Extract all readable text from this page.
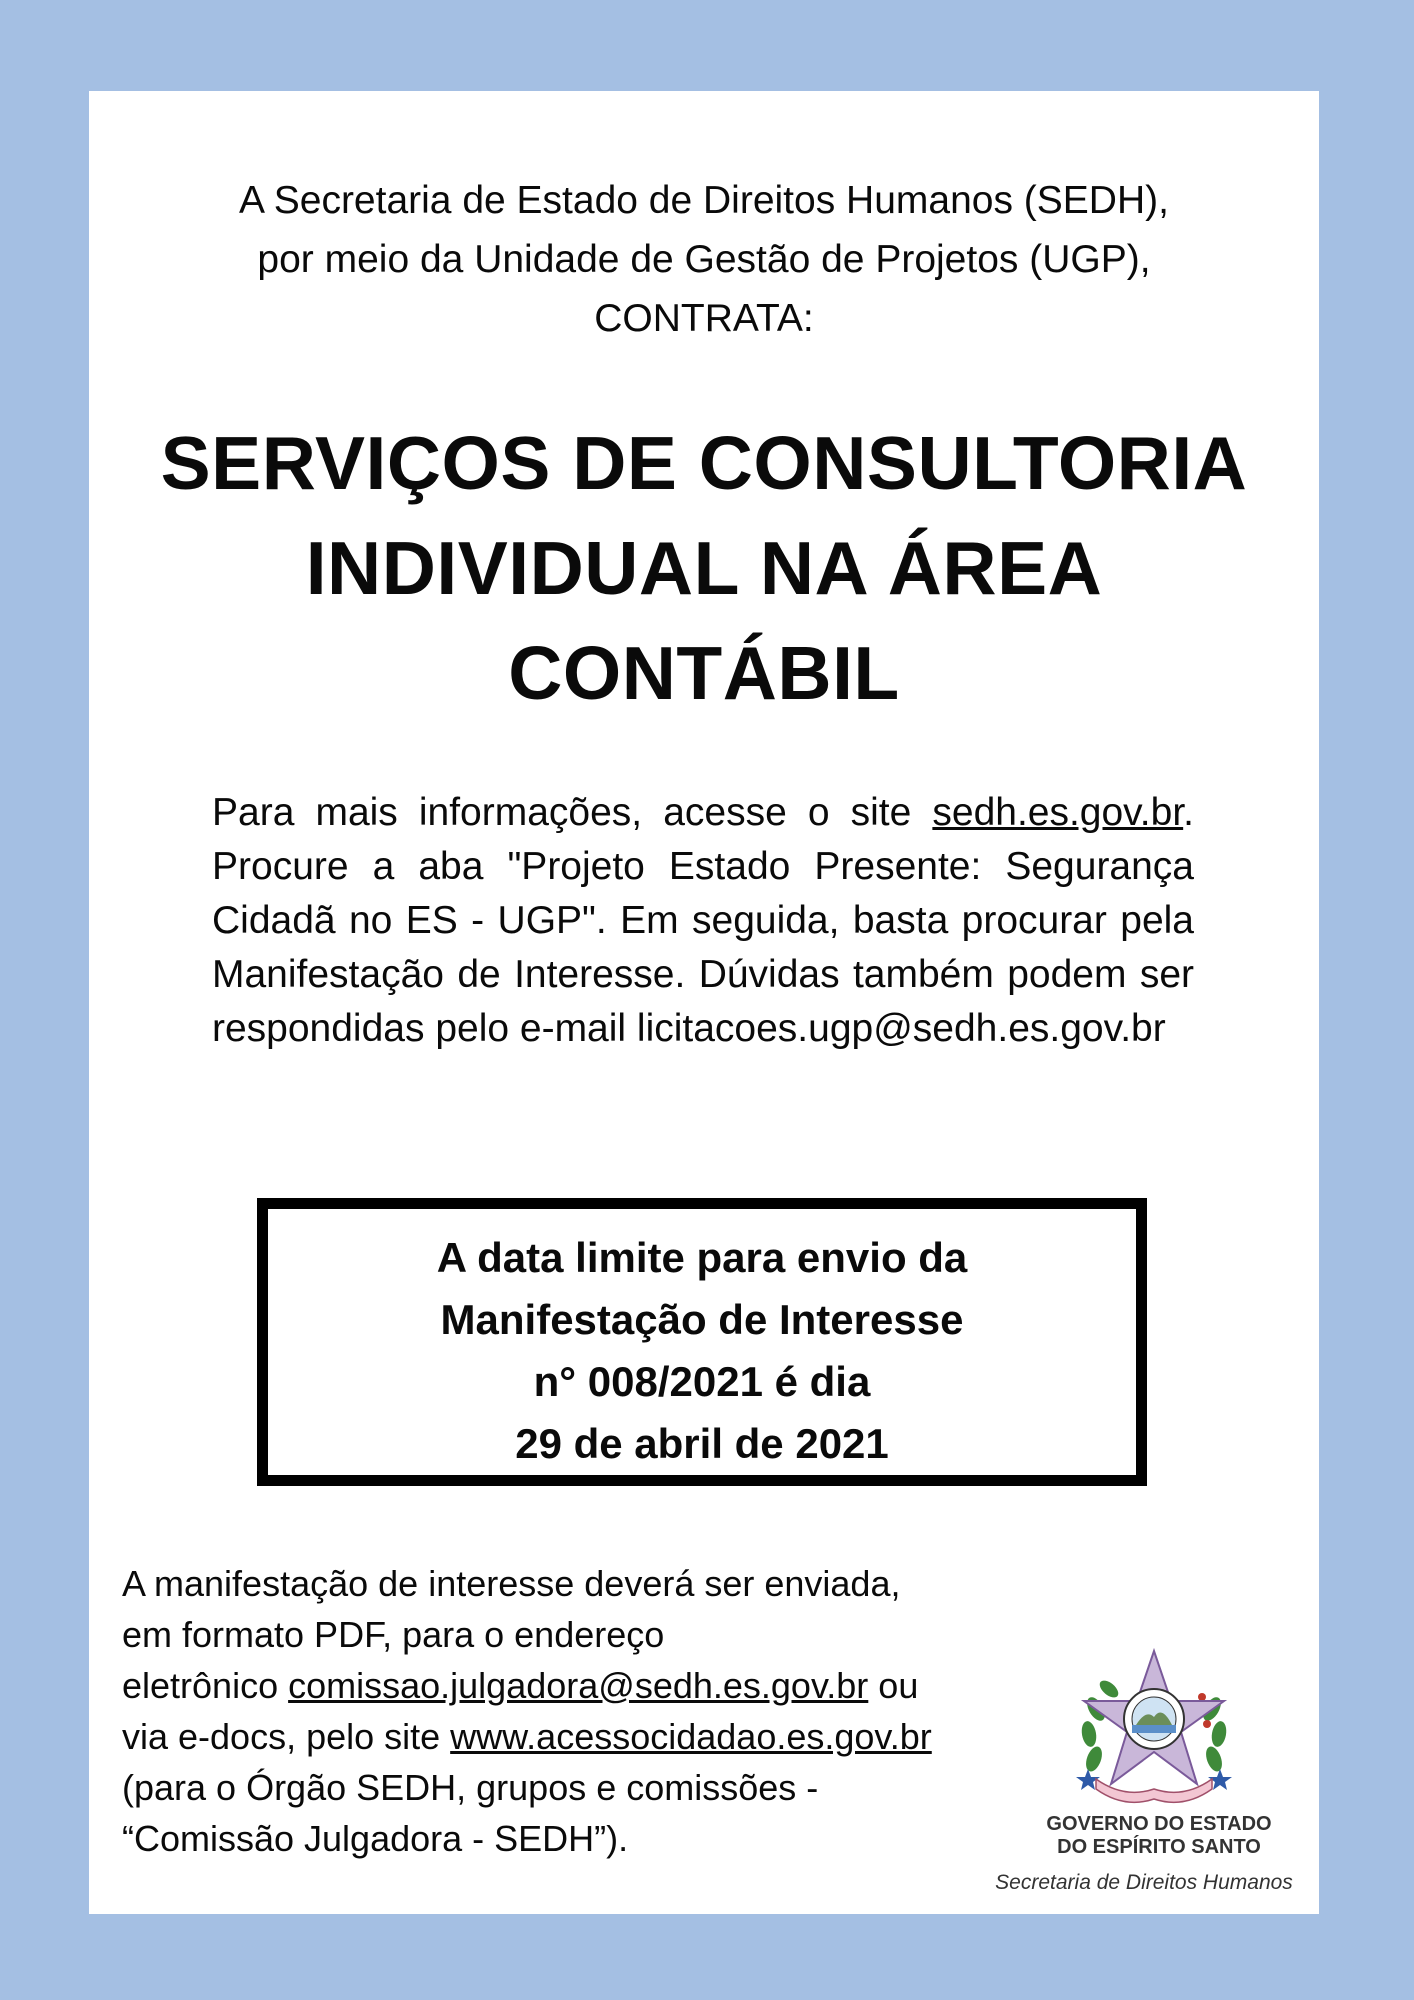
A Secretaria de Estado de Direitos Humanos (SEDH),
por meio da Unidade de Gestão de Projetos (UGP),
CONTRATA:
SERVIÇOS DE CONSULTORIA
INDIVIDUAL NA ÁREA
CONTÁBIL

Para mais informações, acesse o site sedh.es.gov.br. Procure a aba "Projeto Estado Presente: Segurança Cidadã no ES - UGP". Em seguida, basta procurar pela Manifestação de Interesse. Dúvidas também podem ser respondidas pelo e-mail licitacoes.ugp@sedh.es.gov.br

A data limite para envio da
Manifestação de Interesse
n° 008/2021 é dia
29 de abril de 2021
A manifestação de interesse deverá ser enviada,
em formato PDF, para o endereço
eletrônico comissao.julgadora@sedh.es.gov.br ou
via e-docs, pelo site www.acessocidadao.es.gov.br
(para o Órgão SEDH, grupos e comissões -
“Comissão Julgadora - SEDH”).	GOVERNO DO ESTADO
DO ESPÍRITO SANTO
Secretaria de Direitos Humanos
